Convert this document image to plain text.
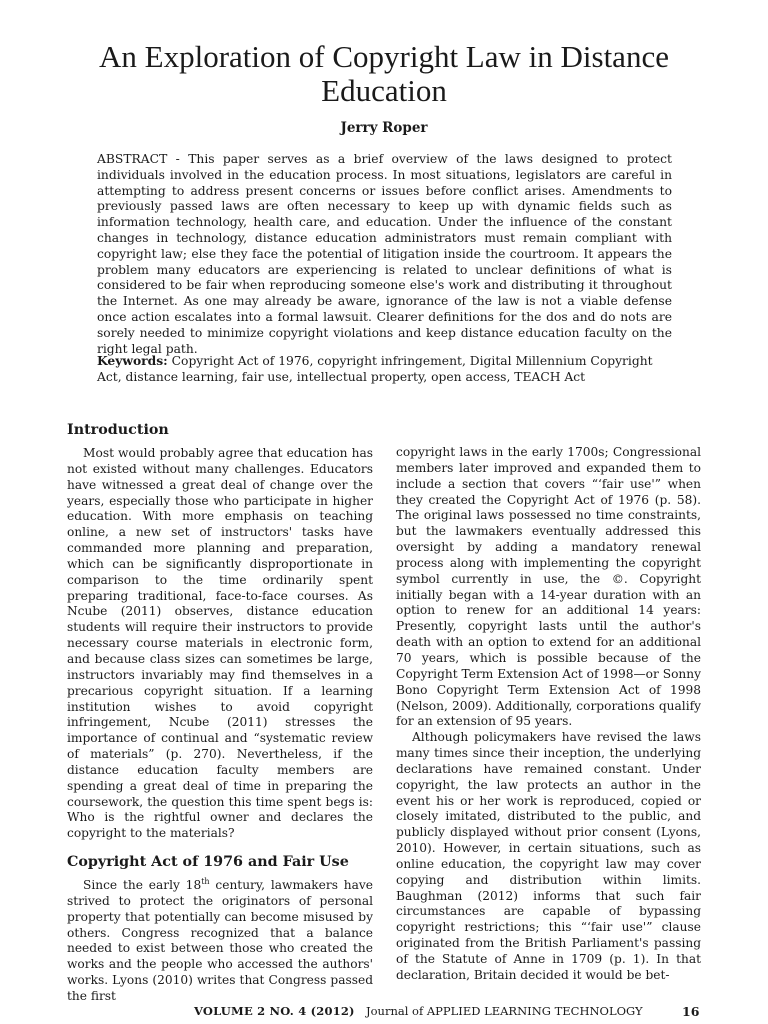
An Exploration of Copyright Law in Distance Education
Jerry Roper

ABSTRACT - This paper serves as a brief overview of the laws designed to protect individuals involved in the education process. In most situations, legislators are careful in attempting to address present concerns or issues before conflict arises. Amendments to previously passed laws are often necessary to keep up with dynamic fields such as information technology, health care, and education. Under the influence of the constant changes in technology, distance education administrators must remain compliant with copyright law; else they face the potential of litigation inside the courtroom. It appears the problem many educators are experiencing is related to unclear definitions of what is considered to be fair when reproducing someone else's work and distributing it throughout the Internet. As one may already be aware, ignorance of the law is not a viable defense once action escalates into a formal lawsuit. Clearer definitions for the dos and do nots are sorely needed to minimize copyright violations and keep distance education faculty on the right legal path.

Keywords: Copyright Act of 1976, copyright infringement, Digital Millennium Copyright Act, distance learning, fair use, intellectual property, open access, TEACH Act

Introduction

Most would probably agree that education has not existed without many challenges. Educators have witnessed a great deal of change over the years, especially those who participate in higher education. With more emphasis on teaching online, a new set of instructors' tasks have commanded more planning and preparation, which can be significantly disproportionate in comparison to the time ordinarily spent preparing traditional, face-to-face courses. As Ncube (2011) observes, distance education students will require their instructors to provide necessary course materials in electronic form, and because class sizes can sometimes be large, instructors invariably may find themselves in a precarious copyright situation. If a learning institution wishes to avoid copyright infringement, Ncube (2011) stresses the importance of continual and “systematic review of materials” (p. 270). Nevertheless, if the distance education faculty members are spending a great deal of time in preparing the coursework, the question this time spent begs is: Who is the rightful owner and declares the copyright to the materials?

Copyright Act of 1976 and Fair Use

Since the early 18th century, lawmakers have strived to protect the originators of personal property that potentially can become misused by others. Congress recognized that a balance needed to exist between those who created the works and the people who accessed the authors' works. Lyons (2010) writes that Congress passed the first

copyright laws in the early 1700s; Congressional members later improved and expanded them to include a section that covers “‘fair use'” when they created the Copyright Act of 1976 (p. 58). The original laws possessed no time constraints, but the lawmakers eventually addressed this oversight by adding a mandatory renewal process along with implementing the copyright symbol currently in use, the ©. Copyright initially began with a 14-year duration with an option to renew for an additional 14 years: Presently, copyright lasts until the author's death with an option to extend for an additional 70 years, which is possible because of the Copyright Term Extension Act of 1998—or Sonny Bono Copyright Term Extension Act of 1998 (Nelson, 2009). Additionally, corporations qualify for an extension of 95 years.

Although policymakers have revised the laws many times since their inception, the underlying declarations have remained constant. Under copyright, the law protects an author in the event his or her work is reproduced, copied or closely imitated, distributed to the public, and publicly displayed without prior consent (Lyons, 2010). However, in certain situations, such as online education, the copyright law may cover copying and distribution within limits. Baughman (2012) informs that such fair circumstances are capable of bypassing copyright restrictions; this “‘fair use'” clause originated from the British Parliament's passing of the Statute of Anne in 1709 (p. 1). In that declaration, Britain decided it would be bet-

VOLUME 2 NO. 4 (2012) Journal of APPLIED LEARNING TECHNOLOGY	16
